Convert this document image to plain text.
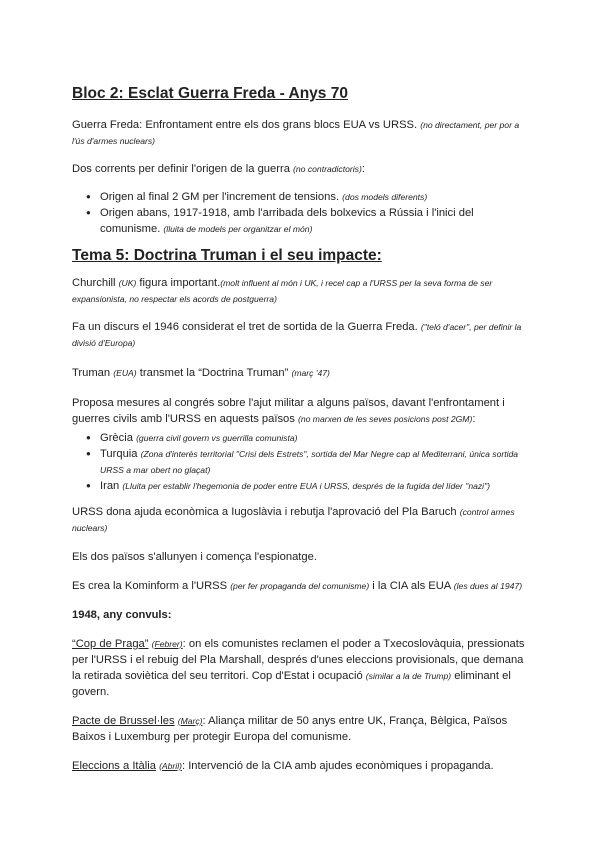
Bloc 2: Esclat Guerra Freda - Anys 70

Guerra Freda: Enfrontament entre els dos grans blocs EUA vs URSS. (no directament, per por a l'ús d'armes nuclears)

Dos corrents per definir l'origen de la guerra (no contradictoris):

● Origen al final 2 GM per l'increment de tensions. (dos models diferents)
● Origen abans, 1917-1918, amb l'arribada dels bolxevics a Rússia i l'inici del comunisme. (lluita de models per organitzar el món)
Tema 5: Doctrina Truman i el seu impacte:

Churchill (UK) figura important.(molt influent al món i UK, i recel cap a l'URSS per la seva forma de ser expansionista, no respectar els acords de postguerra)

Fa un discurs el 1946 considerat el tret de sortida de la Guerra Freda. ("teló d'acer", per definir la divisió d'Europa)

Truman (EUA) transmet la “Doctrina Truman” (març '47)

Proposa mesures al congrés sobre l'ajut militar a alguns països, davant l'enfrontament i guerres civils amb l'URSS en aquests països (no marxen de les seves posicions post 2GM):

● Grècia (guerra civil govern vs guerrilla comunista)
● Turquia (Zona d'interès territorial "Crisi dels Estrets", sortida del Mar Negre cap al Mediterrani, única sortida URSS a mar obert no glaçat)
● Iran (Lluita per establir l'hegemonia de poder entre EUA i URSS, després de la fugida del líder "nazi")

URSS dona ajuda econòmica a Iugoslàvia i rebutja l'aprovació del Pla Baruch (control armes nuclears)

Els dos països s'allunyen i comença l'espionatge.

Es crea la Kominform a l'URSS (per fer propaganda del comunisme) i la CIA als EUA (les dues al 1947)

1948, any convuls:

“Cop de Praga” (Febrer): on els comunistes reclamen el poder a Txecoslovàquia, pressionats per l'URSS i el rebuig del Pla Marshall, després d'unes eleccions provisionals, que demana la retirada soviètica del seu territori. Cop d'Estat i ocupació (similar a la de Trump) eliminant el govern.

Pacte de Brussel·les (Març): Aliança militar de 50 anys entre UK, França, Bèlgica, Països Baixos i Luxemburg per protegir Europa del comunisme.

Eleccions a Itàlia (Abril): Intervenció de la CIA amb ajudes econòmiques i propaganda.
